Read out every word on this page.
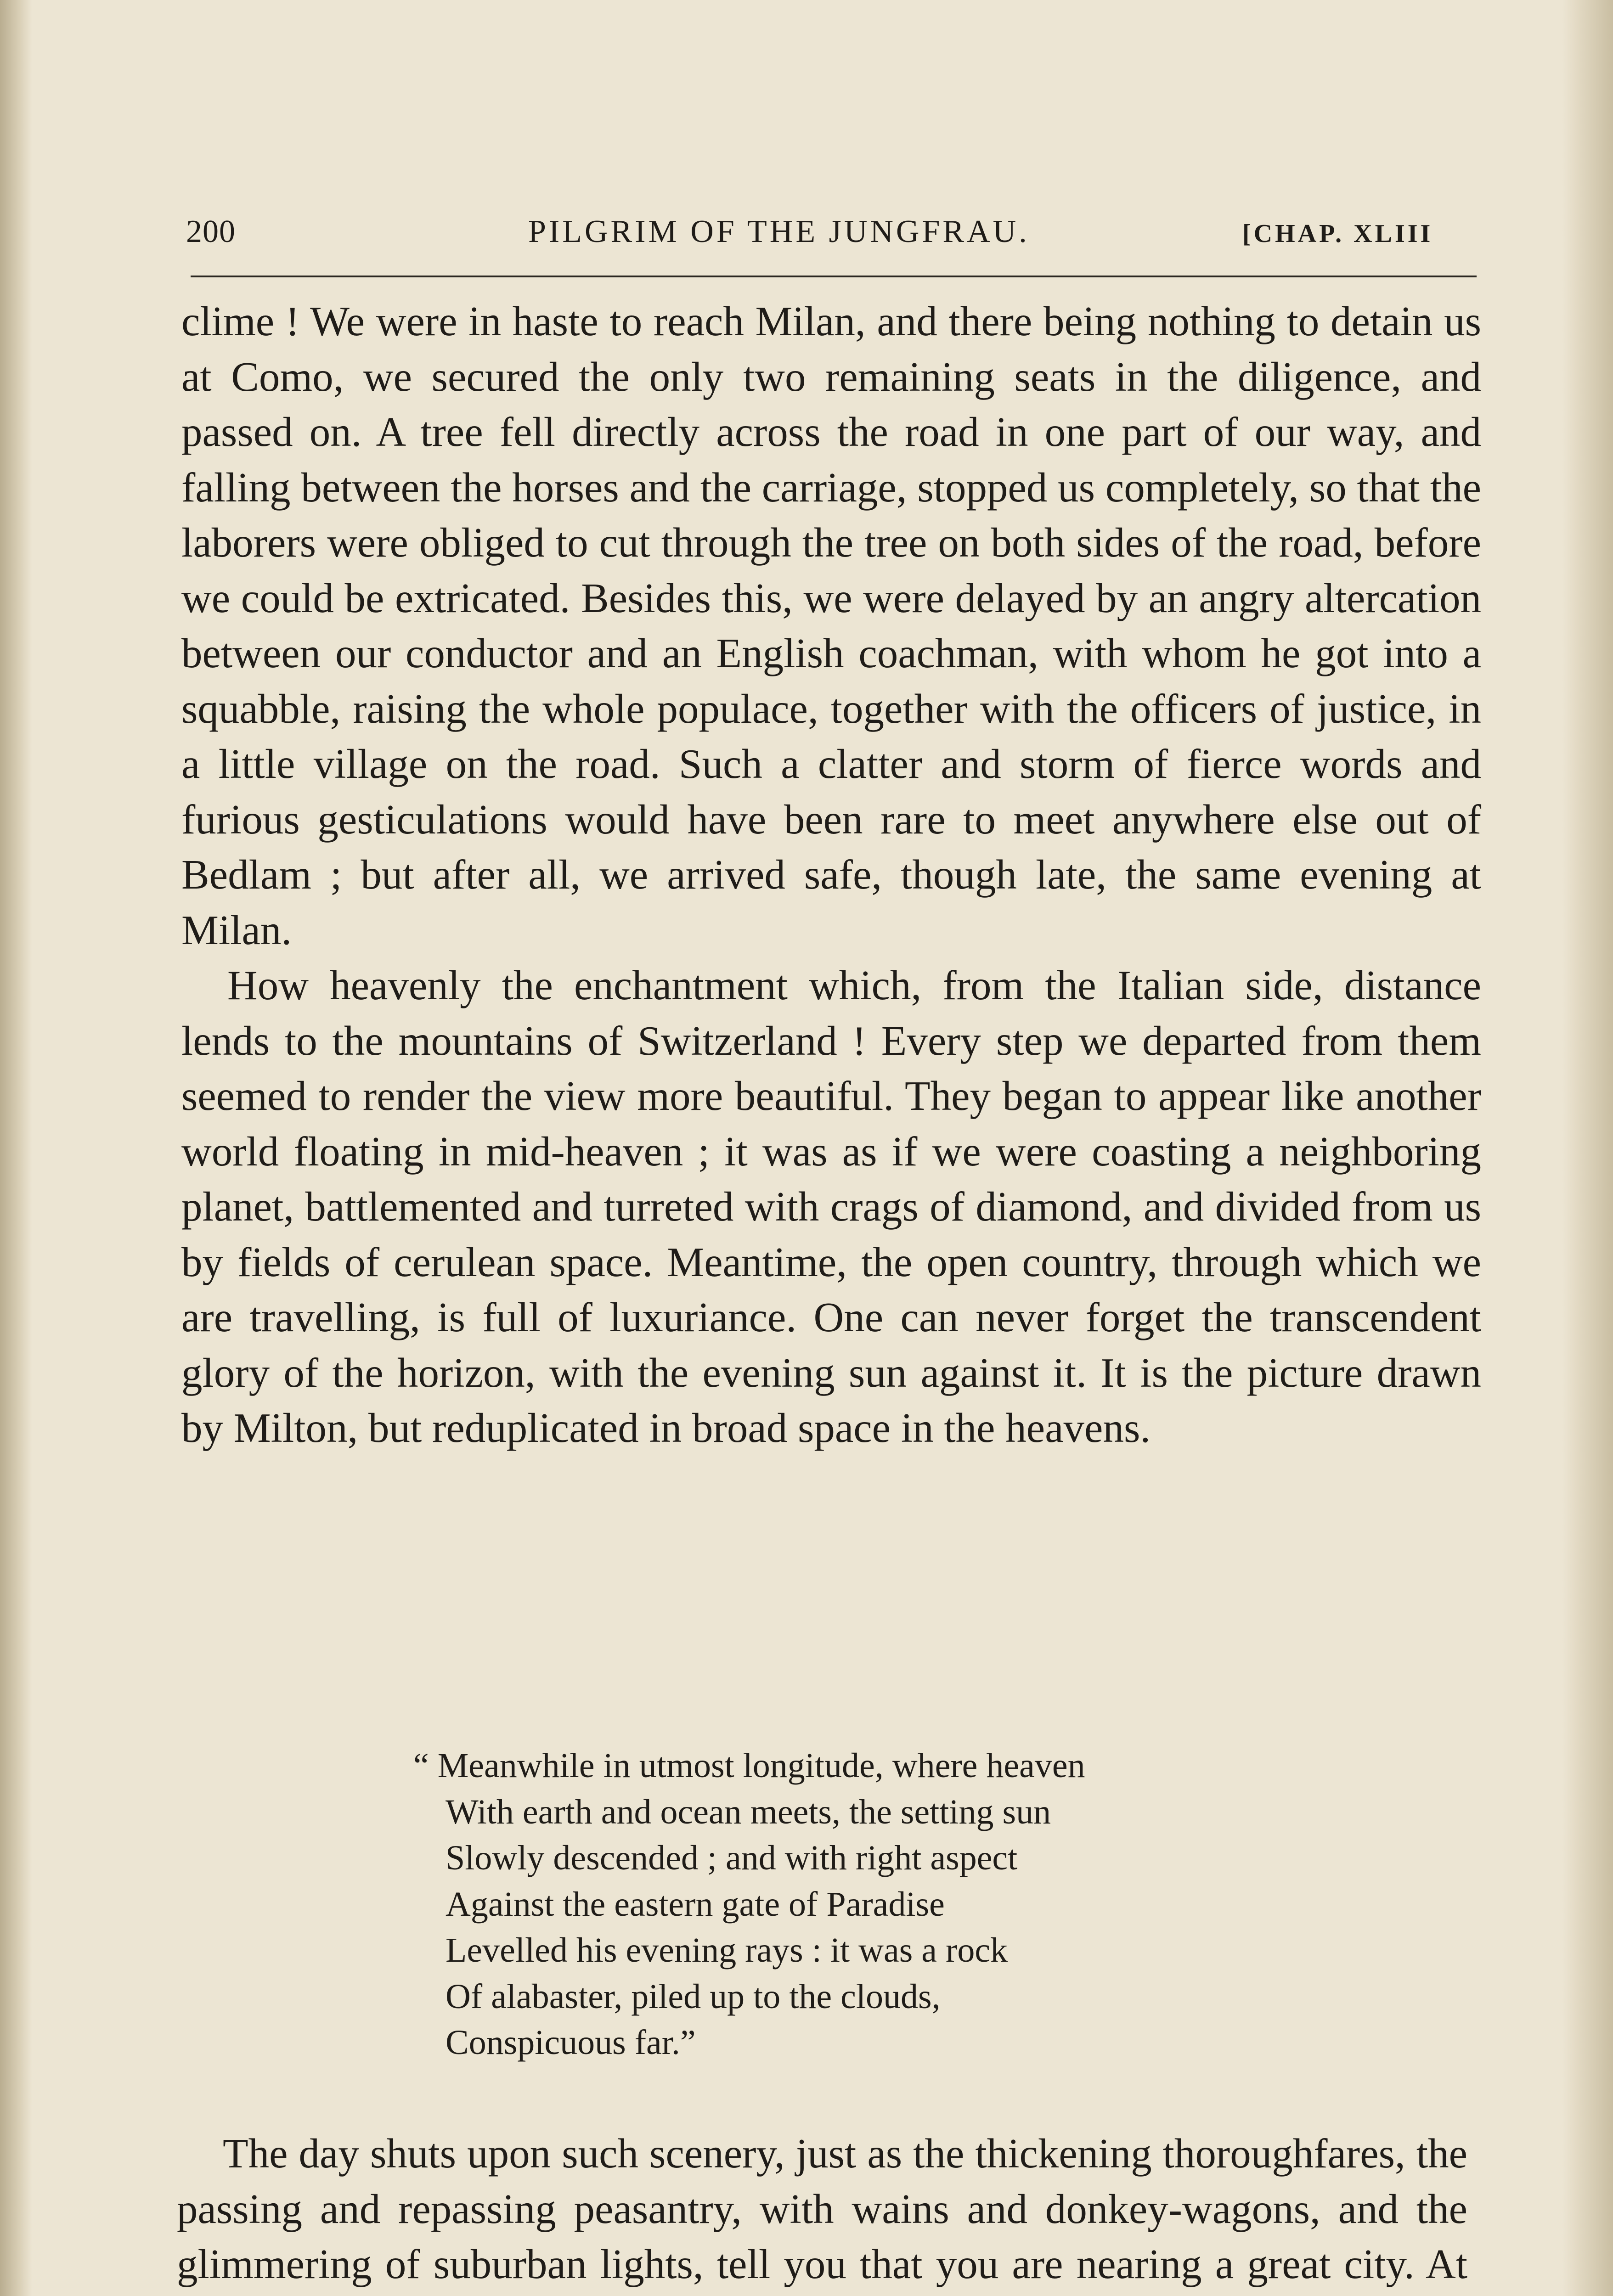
200	PILGRIM OF THE JUNGFRAU.	[CHAP. XLIII

clime ! We were in haste to reach Milan, and there being nothing to detain us at Como, we secured the only two remaining seats in the diligence, and passed on. A tree fell directly across the road in one part of our way, and falling between the horses and the carriage, stopped us completely, so that the laborers were obliged to cut through the tree on both sides of the road, before we could be extricated. Besides this, we were delayed by an angry altercation between our conductor and an English coachman, with whom he got into a squabble, raising the whole populace, together with the officers of justice, in a little village on the road. Such a clatter and storm of fierce words and furious gesticulations would have been rare to meet anywhere else out of Bedlam ; but after all, we arrived safe, though late, the same evening at Milan.

How heavenly the enchantment which, from the Italian side, distance lends to the mountains of Switzerland ! Every step we departed from them seemed to render the view more beautiful. They began to appear like another world floating in mid-heaven ; it was as if we were coasting a neighboring planet, battlemented and turreted with crags of diamond, and divided from us by fields of cerulean space. Meantime, the open country, through which we are travelling, is full of luxuriance. One can never forget the transcendent glory of the horizon, with the evening sun against it. It is the picture drawn by Milton, but reduplicated in broad space in the heavens.

“ Meanwhile in utmost longitude, where heaven
With earth and ocean meets, the setting sun
Slowly descended ; and with right aspect
Against the eastern gate of Paradise
Levelled his evening rays : it was a rock
Of alabaster, piled up to the clouds,
Conspicuous far.”

The day shuts upon such scenery, just as the thickening thoroughfares, the passing and repassing peasantry, with wains and donkey-wagons, and the glimmering of suburban lights, tell you that you are nearing a great city. At
